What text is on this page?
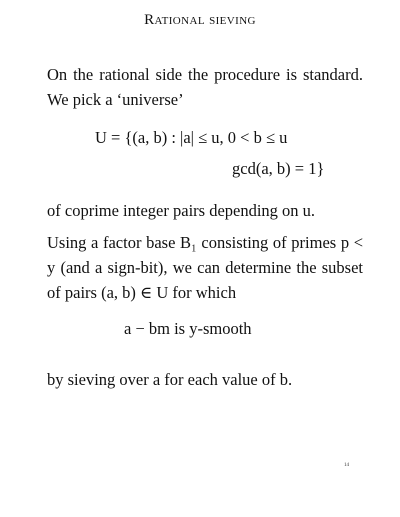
Rational sieving
On the rational side the procedure is standard. We pick a ‘universe’
U = {(a, b) : |a| ≤ u, 0 < b ≤ u
gcd(a, b) = 1}
of coprime integer pairs depending on u.
Using a factor base B₁ consisting of primes p < y (and a sign-bit), we can determine the subset of pairs (a, b) ∈ U for which
a − bm is y-smooth
by sieving over a for each value of b.
14
